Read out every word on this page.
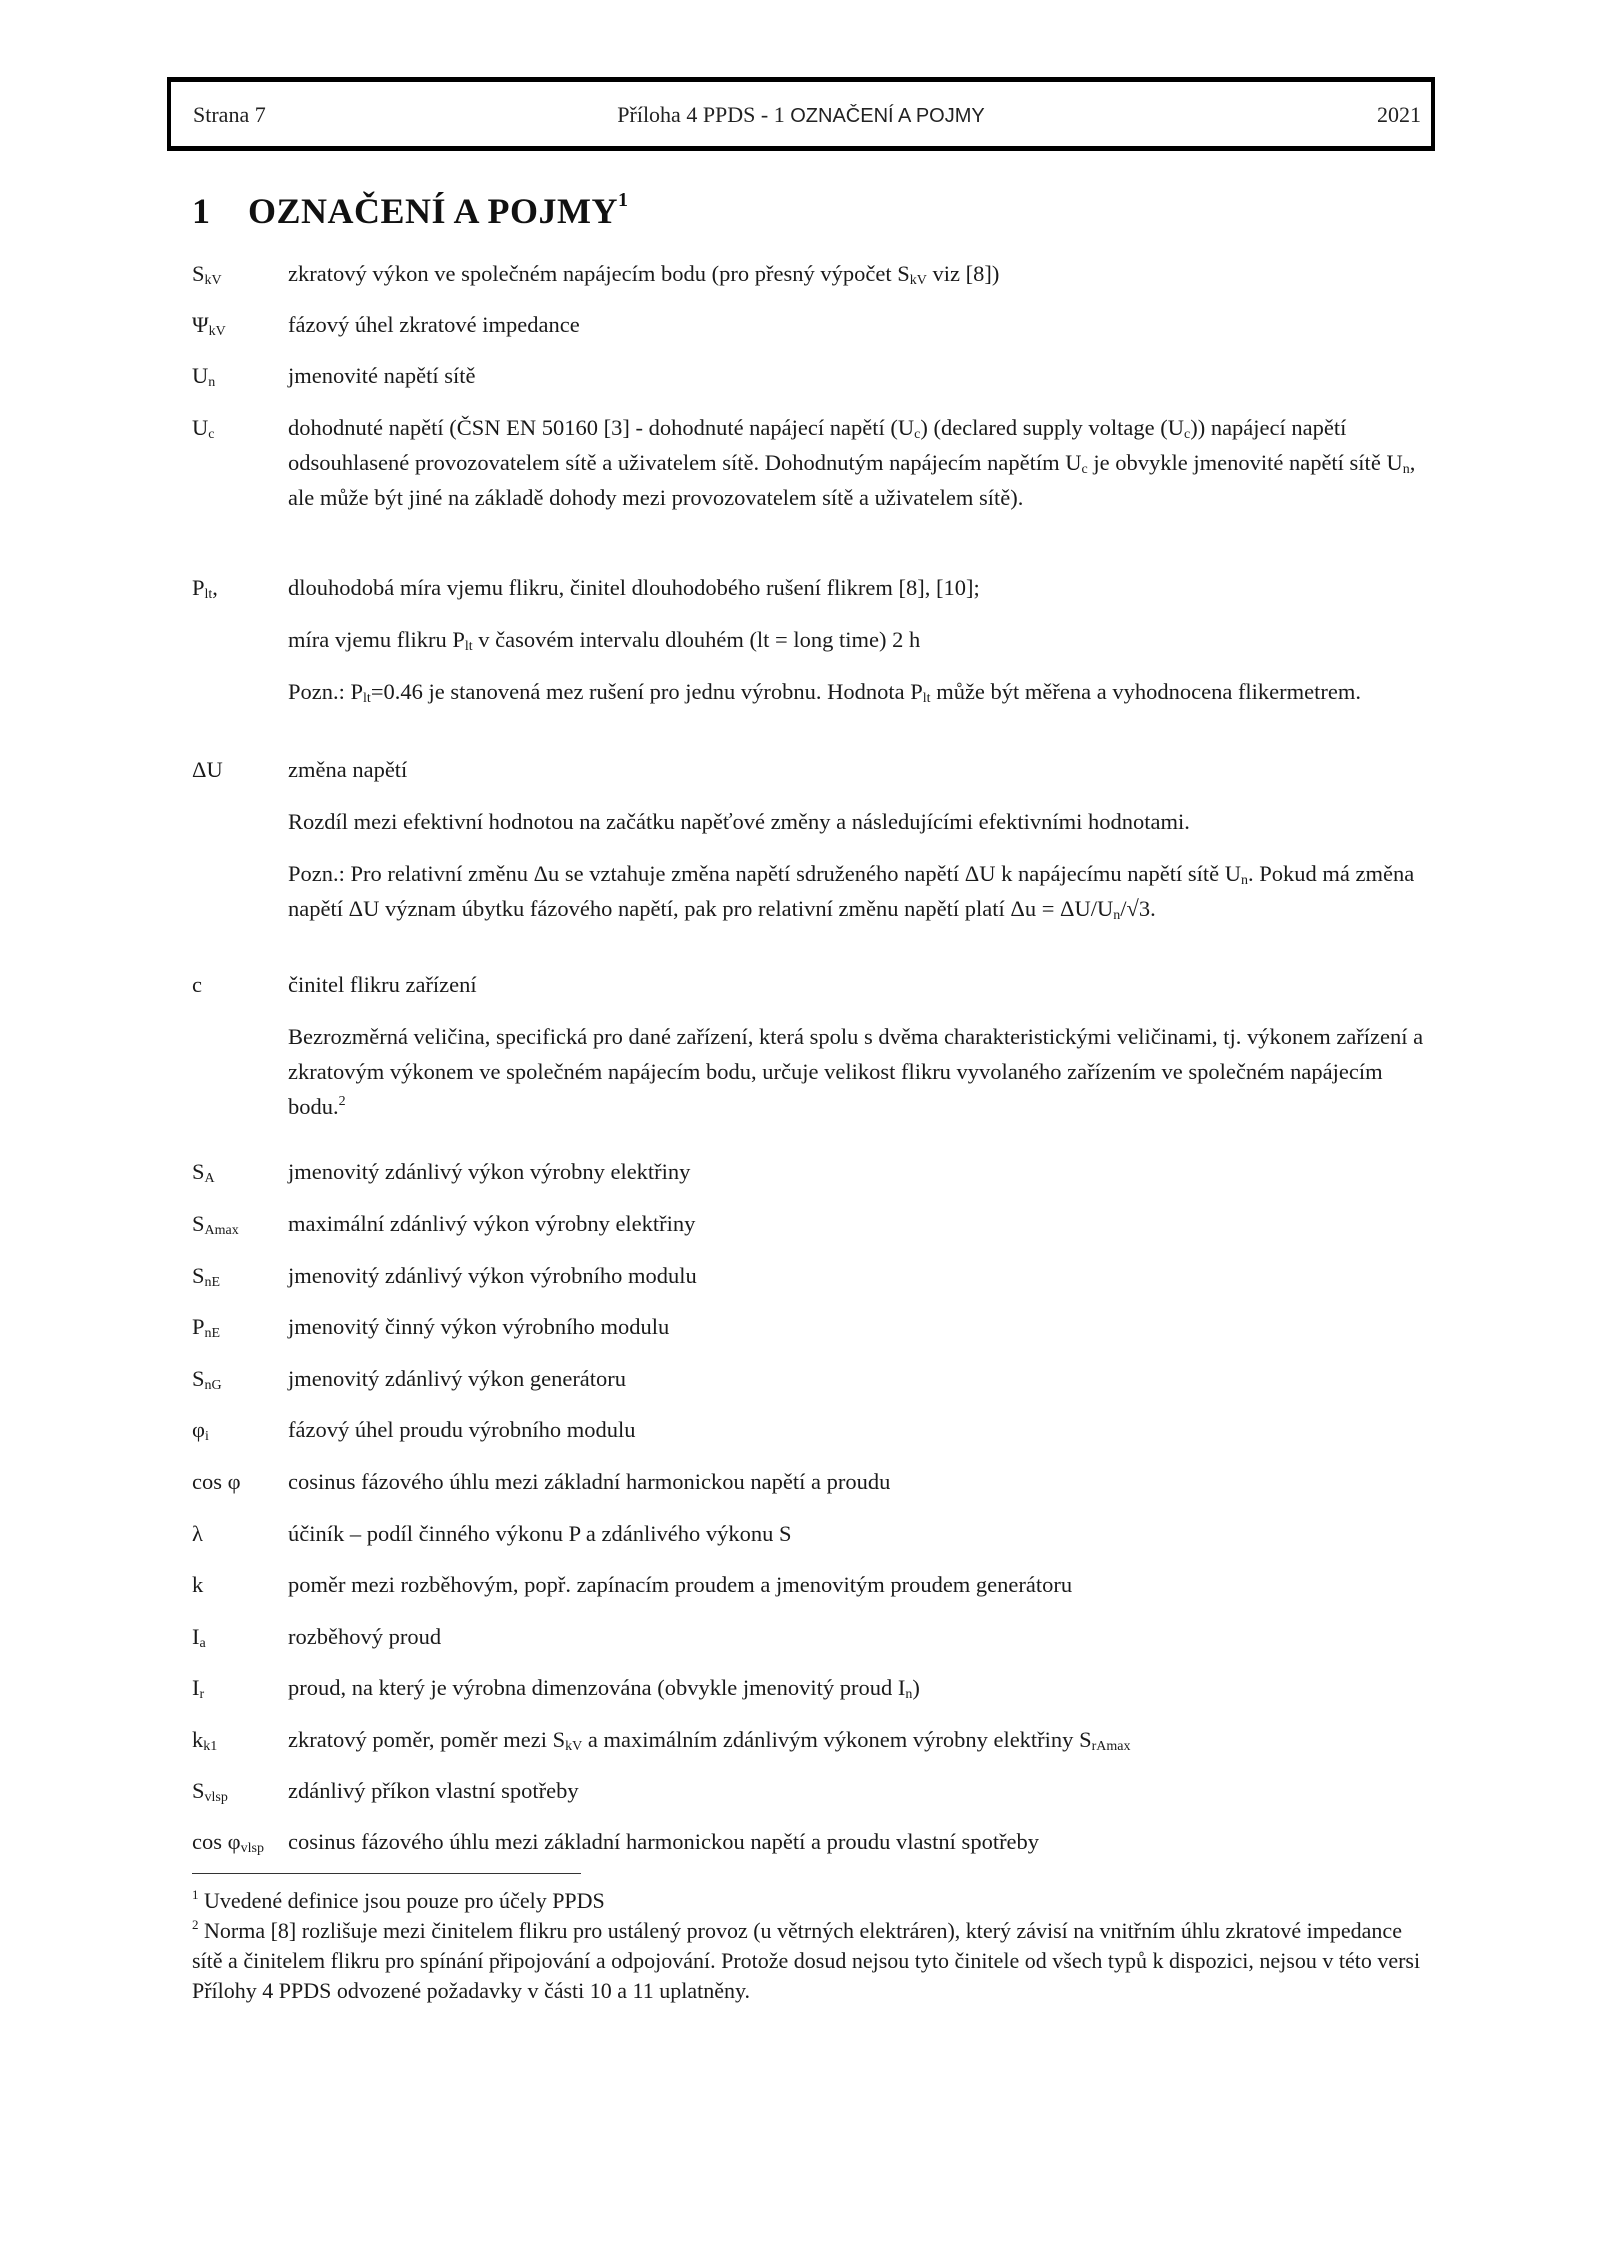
Strana 7	Příloha 4 PPDS - 1 OZNAČENÍ A POJMY	2021
1 OZNAČENÍ A POJMY$^1$
$S_{kV}$	zkratový výkon ve společném napájecím bodu (pro přesný výpočet $S_{kV}$ viz [8])

$\Psi_{kV}$	fázový úhel zkratové impedance

$U_n$	jmenovité napětí sítě

$U_c$	dohodnuté napětí (ČSN EN 50160 [3] - dohodnuté napájecí napětí $(U_c)$ (declared supply voltage $(U_c)$) napájecí napětí odsouhlasené provozovatelem sítě a uživatelem sítě. Dohodnutým napájecím napětím $U_c$ je obvykle jmenovité napětí sítě $U_n$, ale může být jiné na základě dohody mezi provozovatelem sítě a uživatelem sítě).

$P_{lt}$,	dlouhodobá míra vjemu flikru, činitel dlouhodobého rušení flikrem [8], [10];

míra vjemu flikru $P_{lt}$ v časovém intervalu dlouhém (lt = long time) 2 h

Pozn.: $P_{lt}=0.46$ je stanovená mez rušení pro jednu výrobnu. Hodnota $P_{lt}$ může být měřena a vyhodnocena flikermetrem.

ΔU	změna napětí

Rozdíl mezi efektivní hodnotou na začátku napěťové změny a následujícími efektivními hodnotami.

Pozn.: Pro relativní změnu Δu se vztahuje změna napětí sdruženého napětí ΔU k napájecímu napětí sítě $U_n$. Pokud má změna napětí ΔU význam úbytku fázového napětí, pak pro relativní změnu napětí platí $\Delta u = \Delta U/U_n/√3$.

c	činitel flikru zařízení

Bezrozměrná veličina, specifická pro dané zařízení, která spolu s dvěma charakteristickými veličinami, tj. výkonem zařízení a zkratovým výkonem ve společném napájecím bodu, určuje velikost flikru vyvolaného zařízením ve společném napájecím bodu.$^2$

$S_A$	jmenovitý zdánlivý výkon výrobny elektřiny

$S_{Amax}$	maximální zdánlivý výkon výrobny elektřiny

$S_{nE}$	jmenovitý zdánlivý výkon výrobního modulu

$P_{nE}$	jmenovitý činný výkon výrobního modulu

$S_{nG}$	jmenovitý zdánlivý výkon generátoru

$\varphi_i$	fázový úhel proudu výrobního modulu

cos φ	cosinus fázového úhlu mezi základní harmonickou napětí a proudu

λ	účiník – podíl činného výkonu P a zdánlivého výkonu S

k	poměr mezi rozběhovým, popř. zapínacím proudem a jmenovitým proudem generátoru

$I_a$	rozběhový proud

$I_r$	proud, na který je výrobna dimenzována (obvykle jmenovitý proud $I_n$)

$k_{k1}$	zkratový poměr, poměr mezi $S_{kV}$ a maximálním zdánlivým výkonem výrobny elektřiny $S_{rAmax}$

$S_{vlsp}$	zdánlivý příkon vlastní spotřeby

$\cos \varphi_{vlsp}$	cosinus fázového úhlu mezi základní harmonickou napětí a proudu vlastní spotřeby

$^1$ Uvedené definice jsou pouze pro účely PPDS

$^2$ Norma [8] rozlišuje mezi činitelem flikru pro ustálený provoz (u větrných elektráren), který závisí na vnitřním úhlu zkratové impedance sítě a činitelem flikru pro spínání připojování a odpojování. Protože dosud nejsou tyto činitele od všech typů k dispozici, nejsou v této versi Přílohy 4 PPDS odvozené požadavky v části 10 a 11 uplatněny.
